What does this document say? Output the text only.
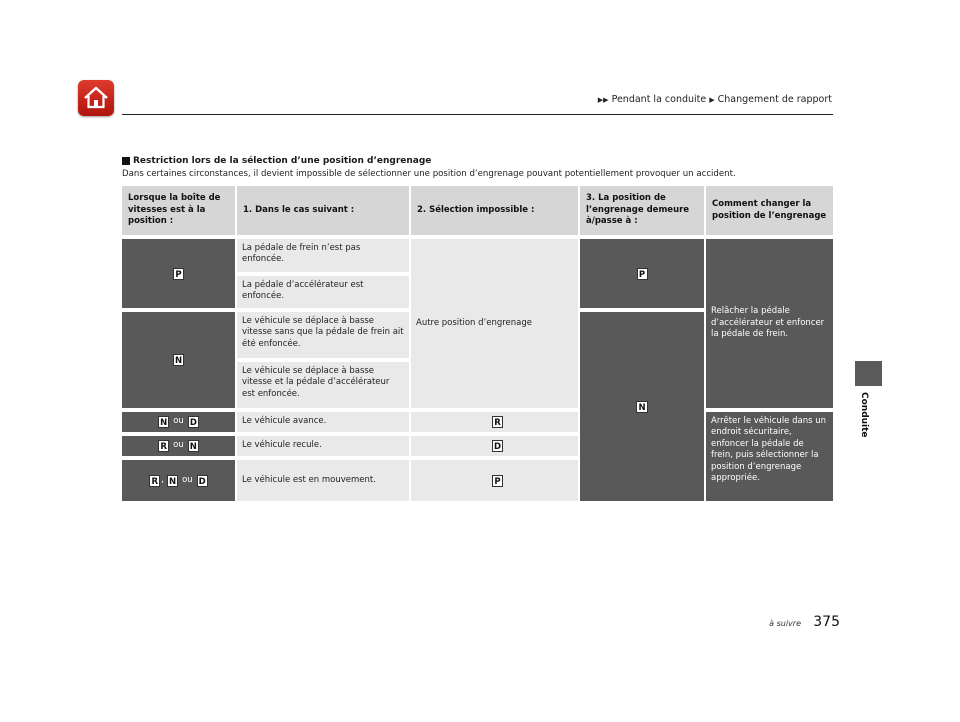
▶▶ Pendant la conduite ▶ Changement de rapport
Conduite
Restriction lors de la sélection d’une position d’engrenage
Dans certaines circonstances, il devient impossible de sélectionner une position d’engrenage pouvant potentiellement provoquer un accident.
Lorsque la boîte de vitesses est à la position :
1. Dans le cas suivant :	2. Sélection impossible :
3. La position de l’engrenage demeure à/passe à :
Comment changer la position de l’engrenage
P
N
N ou D
R ou N
R , N ou D
La pédale de frein n’est pas enfoncée.
La pédale d’accélérateur est enfoncée.
Le véhicule se déplace à basse vitesse sans que la pédale de frein ait été enfoncée.
Le véhicule se déplace à basse vitesse et la pédale d’accélérateur est enfoncée.
Le véhicule avance.
Le véhicule recule.
Le véhicule est en mouvement.
Autre position d’engrenage
R
D
P
P
N
Relâcher la pédale d’accélérateur et enfoncer la pédale de frein.
Arrêter le véhicule dans un endroit sécuritaire, enfoncer la pédale de frein, puis sélectionner la position d’engrenage appropriée.
à suivre 375
